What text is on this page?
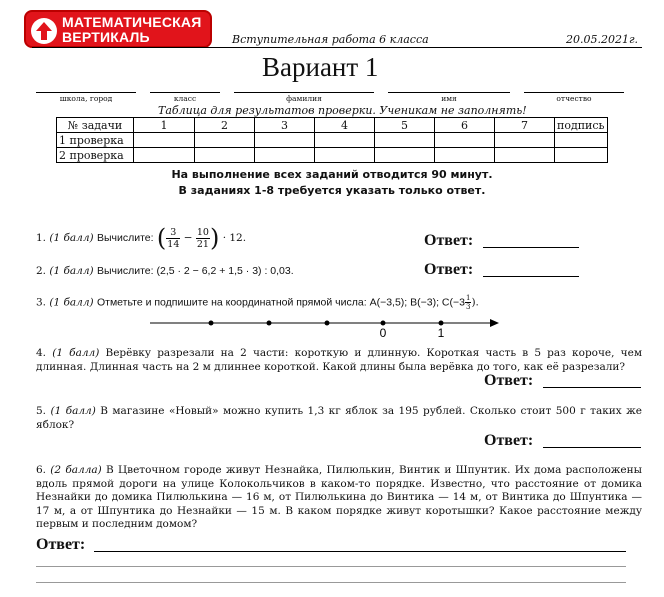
МАТЕМАТИЧЕСКАЯ
ВЕРТИКАЛЬ	Вступительная работа 6 класса	20.05.2021г.
Вариант 1
школа, город	класс	фамилия	имя	отчество
Таблица для результатов проверки. Ученикам не заполнять!
№ задачи	1	2	3	4	5	6	7	подпись
1 проверка								
2 проверка								
На выполнение всех заданий отводится 90 минут.
В заданиях 1-8 требуется указать только ответ.
1. (1 балл) Вычислите: ( $\frac{3}{14} - \frac{10}{21}$ ) · 12.	Ответ:
2. (1 балл) Вычислите: (2,5 · 2 − 6,2 + 1,5 · 3) : 0,03.	Ответ:
3. (1 балл) Отметьте и подпишите на координатной прямой числа: A(−3,5); B(−3); $C(-3 \frac{1}{3}$ ).
0	1
4. (1 балл) Верёвку разрезали на 2 части: короткую и длинную. Короткая часть в 5 раз короче, чем длинная. Длинная часть на 2 м длиннее короткой. Какой длины была верёвка до того, как её разрезали?
Ответ:
5. (1 балл) В магазине «Новый» можно купить 1,3 кг яблок за 195 рублей. Сколько стоит 500 г таких же яблок?
Ответ:
6. (2 балла) В Цветочном городе живут Незнайка, Пилюлькин, Винтик и Шпунтик. Их дома расположены вдоль прямой дороги на улице Колокольчиков в каком-то порядке. Известно, что расстояние от домика Незнайки до домика Пилюлькина — 16 м, от Пилюлькина до Винтика — 14 м, от Винтика до Шпунтика — 17 м, а от Шпунтика до Незнайки — 15 м. В каком порядке живут коротышки? Какое расстояние между первым и последним домом?
Ответ:
